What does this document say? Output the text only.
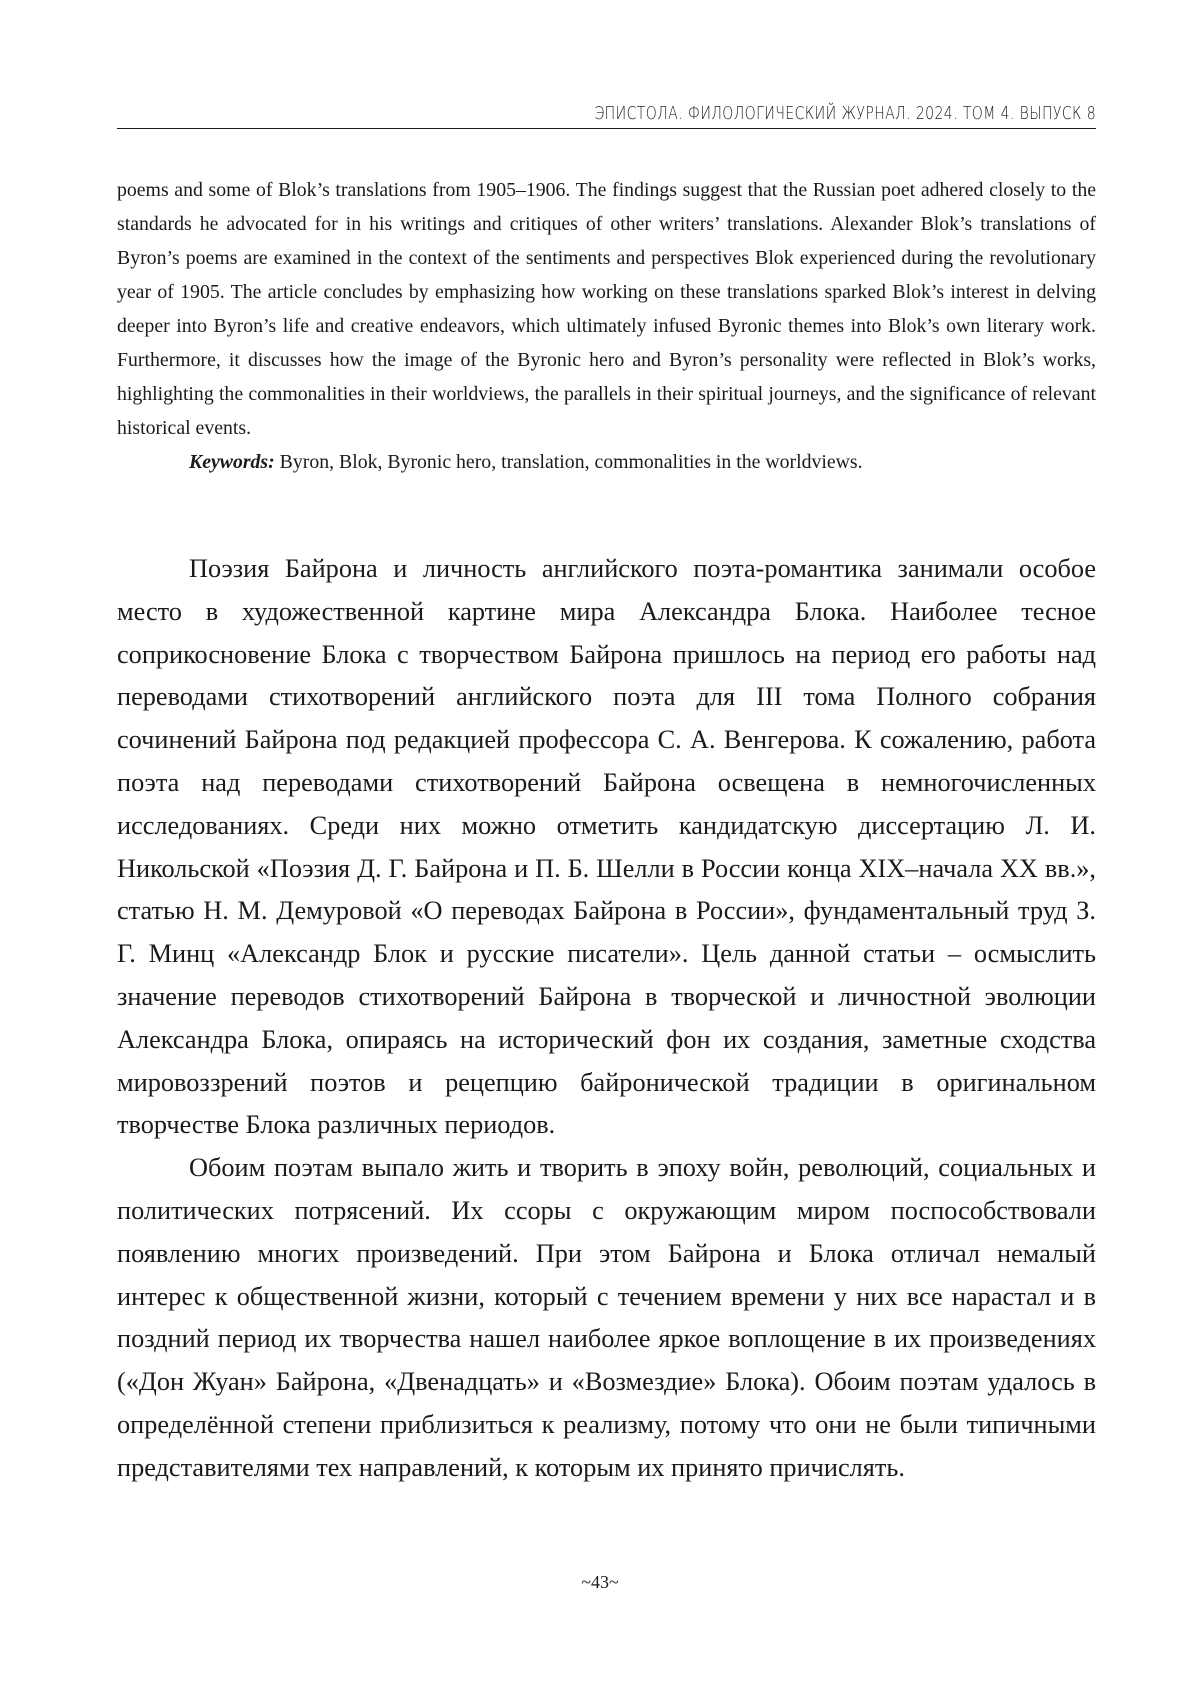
ЭПИСТОЛА. ФИЛОЛОГИЧЕСКИЙ ЖУРНАЛ. 2024. ТОМ 4. ВЫПУСК 8

poems and some of Blok’s translations from 1905–1906. The findings suggest that the Russian poet adhered closely to the standards he advocated for in his writings and critiques of other writers’ translations. Alexander Blok’s translations of Byron’s poems are examined in the context of the sentiments and perspectives Blok experienced during the revolutionary year of 1905. The article concludes by emphasizing how working on these translations sparked Blok’s interest in delving deeper into Byron’s life and creative endeavors, which ultimately infused Byronic themes into Blok’s own literary work. Furthermore, it discusses how the image of the Byronic hero and Byron’s personality were reflected in Blok’s works, highlighting the commonalities in their worldviews, the parallels in their spiritual journeys, and the significance of relevant historical events.

Keywords: Byron, Blok, Byronic hero, translation, commonalities in the worldviews.

Поэзия Байрона и личность английского поэта-романтика занимали особое место в художественной картине мира Александра Блока. Наиболее тесное соприкосновение Блока с творчеством Байрона пришлось на период его работы над переводами стихотворений английского поэта для III тома Полного собрания сочинений Байрона под редакцией профессора С. А. Венгерова. К сожалению, работа поэта над переводами стихотворений Байрона освещена в немногочисленных исследованиях. Среди них можно отметить кандидатскую диссертацию Л. И. Никольской «Поэзия Д. Г. Байрона и П. Б. Шелли в России конца XIX–начала XX вв.», статью Н. М. Демуровой «О переводах Байрона в России», фундаментальный труд З. Г. Минц «Александр Блок и русские писатели». Цель данной статьи – осмыслить значение переводов стихотворений Байрона в творческой и личностной эволюции Александра Блока, опираясь на исторический фон их создания, заметные сходства мировоззрений поэтов и рецепцию байронической традиции в оригинальном творчестве Блока различных периодов.

Обоим поэтам выпало жить и творить в эпоху войн, революций, социальных и политических потрясений. Их ссоры с окружающим миром поспособствовали появлению многих произведений. При этом Байрона и Блока отличал немалый интерес к общественной жизни, который с течением времени у них все нарастал и в поздний период их творчества нашел наиболее яркое воплощение в их произведениях («Дон Жуан» Байрона, «Двенадцать» и «Возмездие» Блока). Обоим поэтам удалось в определённой степени приблизиться к реализму, потому что они не были типичными представителями тех направлений, к которым их принято причислять.

~43~
